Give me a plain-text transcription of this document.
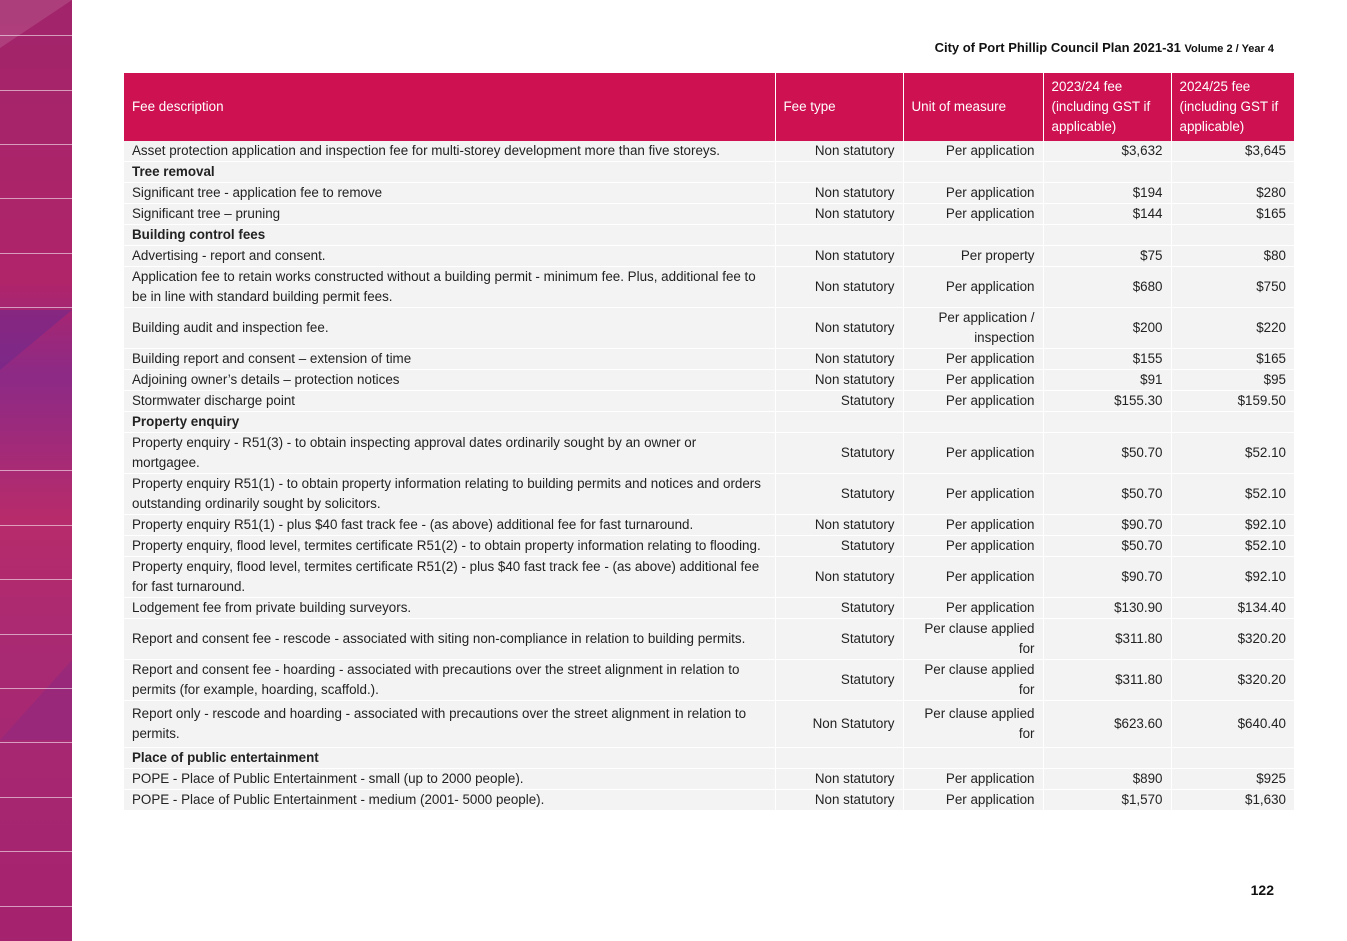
City of Port Phillip Council Plan 2021-31 Volume 2 / Year 4
Fee description	Fee type	Unit of measure	2023/24 fee (including GST if applicable)	2024/25 fee (including GST if applicable)
Asset protection application and inspection fee for multi-storey development more than five storeys.	Non statutory	Per application	$3,632	$3,645
Tree removal				
Significant tree - application fee to remove	Non statutory	Per application	$194	$280
Significant tree – pruning	Non statutory	Per application	$144	$165
Building control fees				
Advertising - report and consent.	Non statutory	Per property	$75	$80
Application fee to retain works constructed without a building permit - minimum fee. Plus, additional fee to be in line with standard building permit fees.	Non statutory	Per application	$680	$750
Building audit and inspection fee.	Non statutory	Per application / inspection	$200	$220
Building report and consent – extension of time	Non statutory	Per application	$155	$165
Adjoining owner’s details – protection notices	Non statutory	Per application	$91	$95
Stormwater discharge point	Statutory	Per application	$155.30	$159.50
Property enquiry				
Property enquiry - R51(3) - to obtain inspecting approval dates ordinarily sought by an owner or mortgagee.	Statutory	Per application	$50.70	$52.10
Property enquiry R51(1) - to obtain property information relating to building permits and notices and orders outstanding ordinarily sought by solicitors.	Statutory	Per application	$50.70	$52.10
Property enquiry R51(1) - plus $40 fast track fee - (as above) additional fee for fast turnaround.	Non statutory	Per application	$90.70	$92.10
Property enquiry, flood level, termites certificate R51(2) - to obtain property information relating to flooding.	Statutory	Per application	$50.70	$52.10
Property enquiry, flood level, termites certificate R51(2) - plus $40 fast track fee - (as above) additional fee for fast turnaround.	Non statutory	Per application	$90.70	$92.10
Lodgement fee from private building surveyors.	Statutory	Per application	$130.90	$134.40
Report and consent fee - rescode - associated with siting non-compliance in relation to building permits.	Statutory	Per clause applied for	$311.80	$320.20
Report and consent fee - hoarding - associated with precautions over the street alignment in relation to permits (for example, hoarding, scaffold.).	Statutory	Per clause applied for	$311.80	$320.20
Report only - rescode and hoarding - associated with precautions over the street alignment in relation to permits.	Non Statutory	Per clause applied for	$623.60	$640.40
Place of public entertainment				
POPE - Place of Public Entertainment - small (up to 2000 people).	Non statutory	Per application	$890	$925
POPE - Place of Public Entertainment - medium (2001- 5000 people).	Non statutory	Per application	$1,570	$1,630
122
